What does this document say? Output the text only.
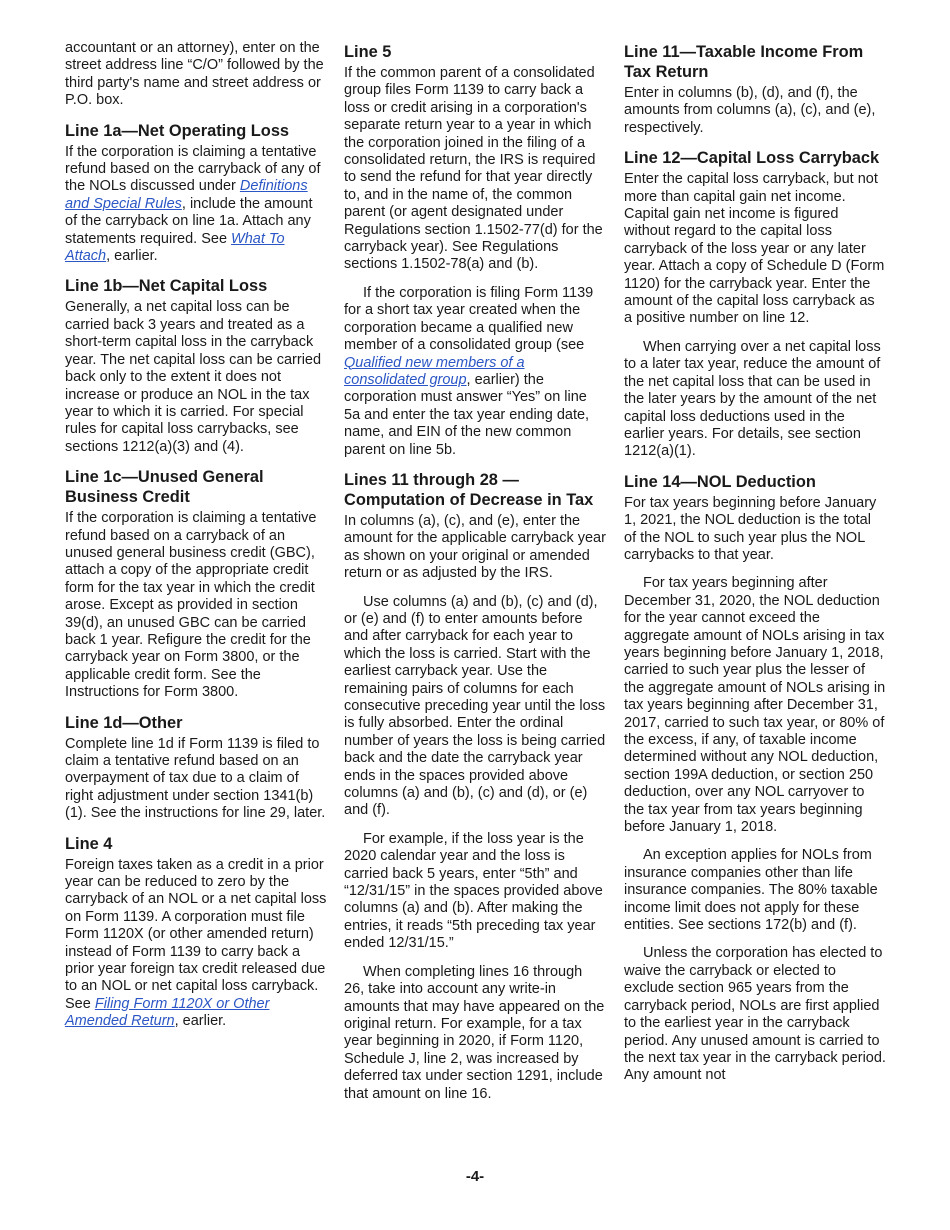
accountant or an attorney), enter on the street address line “C/O” followed by the third party's name and street address or P.O. box.

Line 1a—Net Operating Loss

If the corporation is claiming a tentative refund based on the carryback of any of the NOLs discussed under Definitions and Special Rules, include the amount of the carryback on line 1a. Attach any statements required. See What To Attach, earlier.

Line 1b—Net Capital Loss

Generally, a net capital loss can be carried back 3 years and treated as a short-term capital loss in the carryback year. The net capital loss can be carried back only to the extent it does not increase or produce an NOL in the tax year to which it is carried. For special rules for capital loss carrybacks, see sections 1212(a)(3) and (4).

Line 1c—Unused General Business Credit

If the corporation is claiming a tentative refund based on a carryback of an unused general business credit (GBC), attach a copy of the appropriate credit form for the tax year in which the credit arose. Except as provided in section 39(d), an unused GBC can be carried back 1 year. Refigure the credit for the carryback year on Form 3800, or the applicable credit form. See the Instructions for Form 3800.

Line 1d—Other

Complete line 1d if Form 1139 is filed to claim a tentative refund based on an overpayment of tax due to a claim of right adjustment under section 1341(b)(1). See the instructions for line 29, later.

Line 4

Foreign taxes taken as a credit in a prior year can be reduced to zero by the carryback of an NOL or a net capital loss on Form 1139. A corporation must file Form 1120X (or other amended return) instead of Form 1139 to carry back a prior year foreign tax credit released due to an NOL or net capital loss carryback. See Filing Form 1120X or Other Amended Return, earlier.

Line 5

If the common parent of a consolidated group files Form 1139 to carry back a loss or credit arising in a corporation's separate return year to a year in which the corporation joined in the filing of a consolidated return, the IRS is required to send the refund for that year directly to, and in the name of, the common parent (or agent designated under Regulations section 1.1502-77(d) for the carryback year). See Regulations sections 1.1502-78(a) and (b).

If the corporation is filing Form 1139 for a short tax year created when the corporation became a qualified new member of a consolidated group (see Qualified new members of a consolidated group, earlier) the corporation must answer “Yes” on line 5a and enter the tax year ending date, name, and EIN of the new common parent on line 5b.

Lines 11 through 28 — Computation of Decrease in Tax

In columns (a), (c), and (e), enter the amount for the applicable carryback year as shown on your original or amended return or as adjusted by the IRS.

Use columns (a) and (b), (c) and (d), or (e) and (f) to enter amounts before and after carryback for each year to which the loss is carried. Start with the earliest carryback year. Use the remaining pairs of columns for each consecutive preceding year until the loss is fully absorbed. Enter the ordinal number of years the loss is being carried back and the date the carryback year ends in the spaces provided above columns (a) and (b), (c) and (d), or (e) and (f).

For example, if the loss year is the 2020 calendar year and the loss is carried back 5 years, enter “5th” and “12/31/15” in the spaces provided above columns (a) and (b). After making the entries, it reads “5th preceding tax year ended 12/31/15.”

When completing lines 16 through 26, take into account any write-in amounts that may have appeared on the original return. For example, for a tax year beginning in 2020, if Form 1120, Schedule J, line 2, was increased by deferred tax under section 1291, include that amount on line 16.

Line 11—Taxable Income From Tax Return

Enter in columns (b), (d), and (f), the amounts from columns (a), (c), and (e), respectively.

Line 12—Capital Loss Carryback

Enter the capital loss carryback, but not more than capital gain net income. Capital gain net income is figured without regard to the capital loss carryback of the loss year or any later year. Attach a copy of Schedule D (Form 1120) for the carryback year. Enter the amount of the capital loss carryback as a positive number on line 12.

When carrying over a net capital loss to a later tax year, reduce the amount of the net capital loss that can be used in the later years by the amount of the net capital loss deductions used in the earlier years. For details, see section 1212(a)(1).

Line 14—NOL Deduction

For tax years beginning before January 1, 2021, the NOL deduction is the total of the NOL to such year plus the NOL carrybacks to that year.

For tax years beginning after December 31, 2020, the NOL deduction for the year cannot exceed the aggregate amount of NOLs arising in tax years beginning before January 1, 2018, carried to such year plus the lesser of the aggregate amount of NOLs arising in tax years beginning after December 31, 2017, carried to such tax year, or 80% of the excess, if any, of taxable income determined without any NOL deduction, section 199A deduction, or section 250 deduction, over any NOL carryover to the tax year from tax years beginning before January 1, 2018.

An exception applies for NOLs from insurance companies other than life insurance companies. The 80% taxable income limit does not apply for these entities. See sections 172(b) and (f).

Unless the corporation has elected to waive the carryback or elected to exclude section 965 years from the carryback period, NOLs are first applied to the earliest year in the carryback period. Any unused amount is carried to the next tax year in the carryback period. Any amount not

-4-
